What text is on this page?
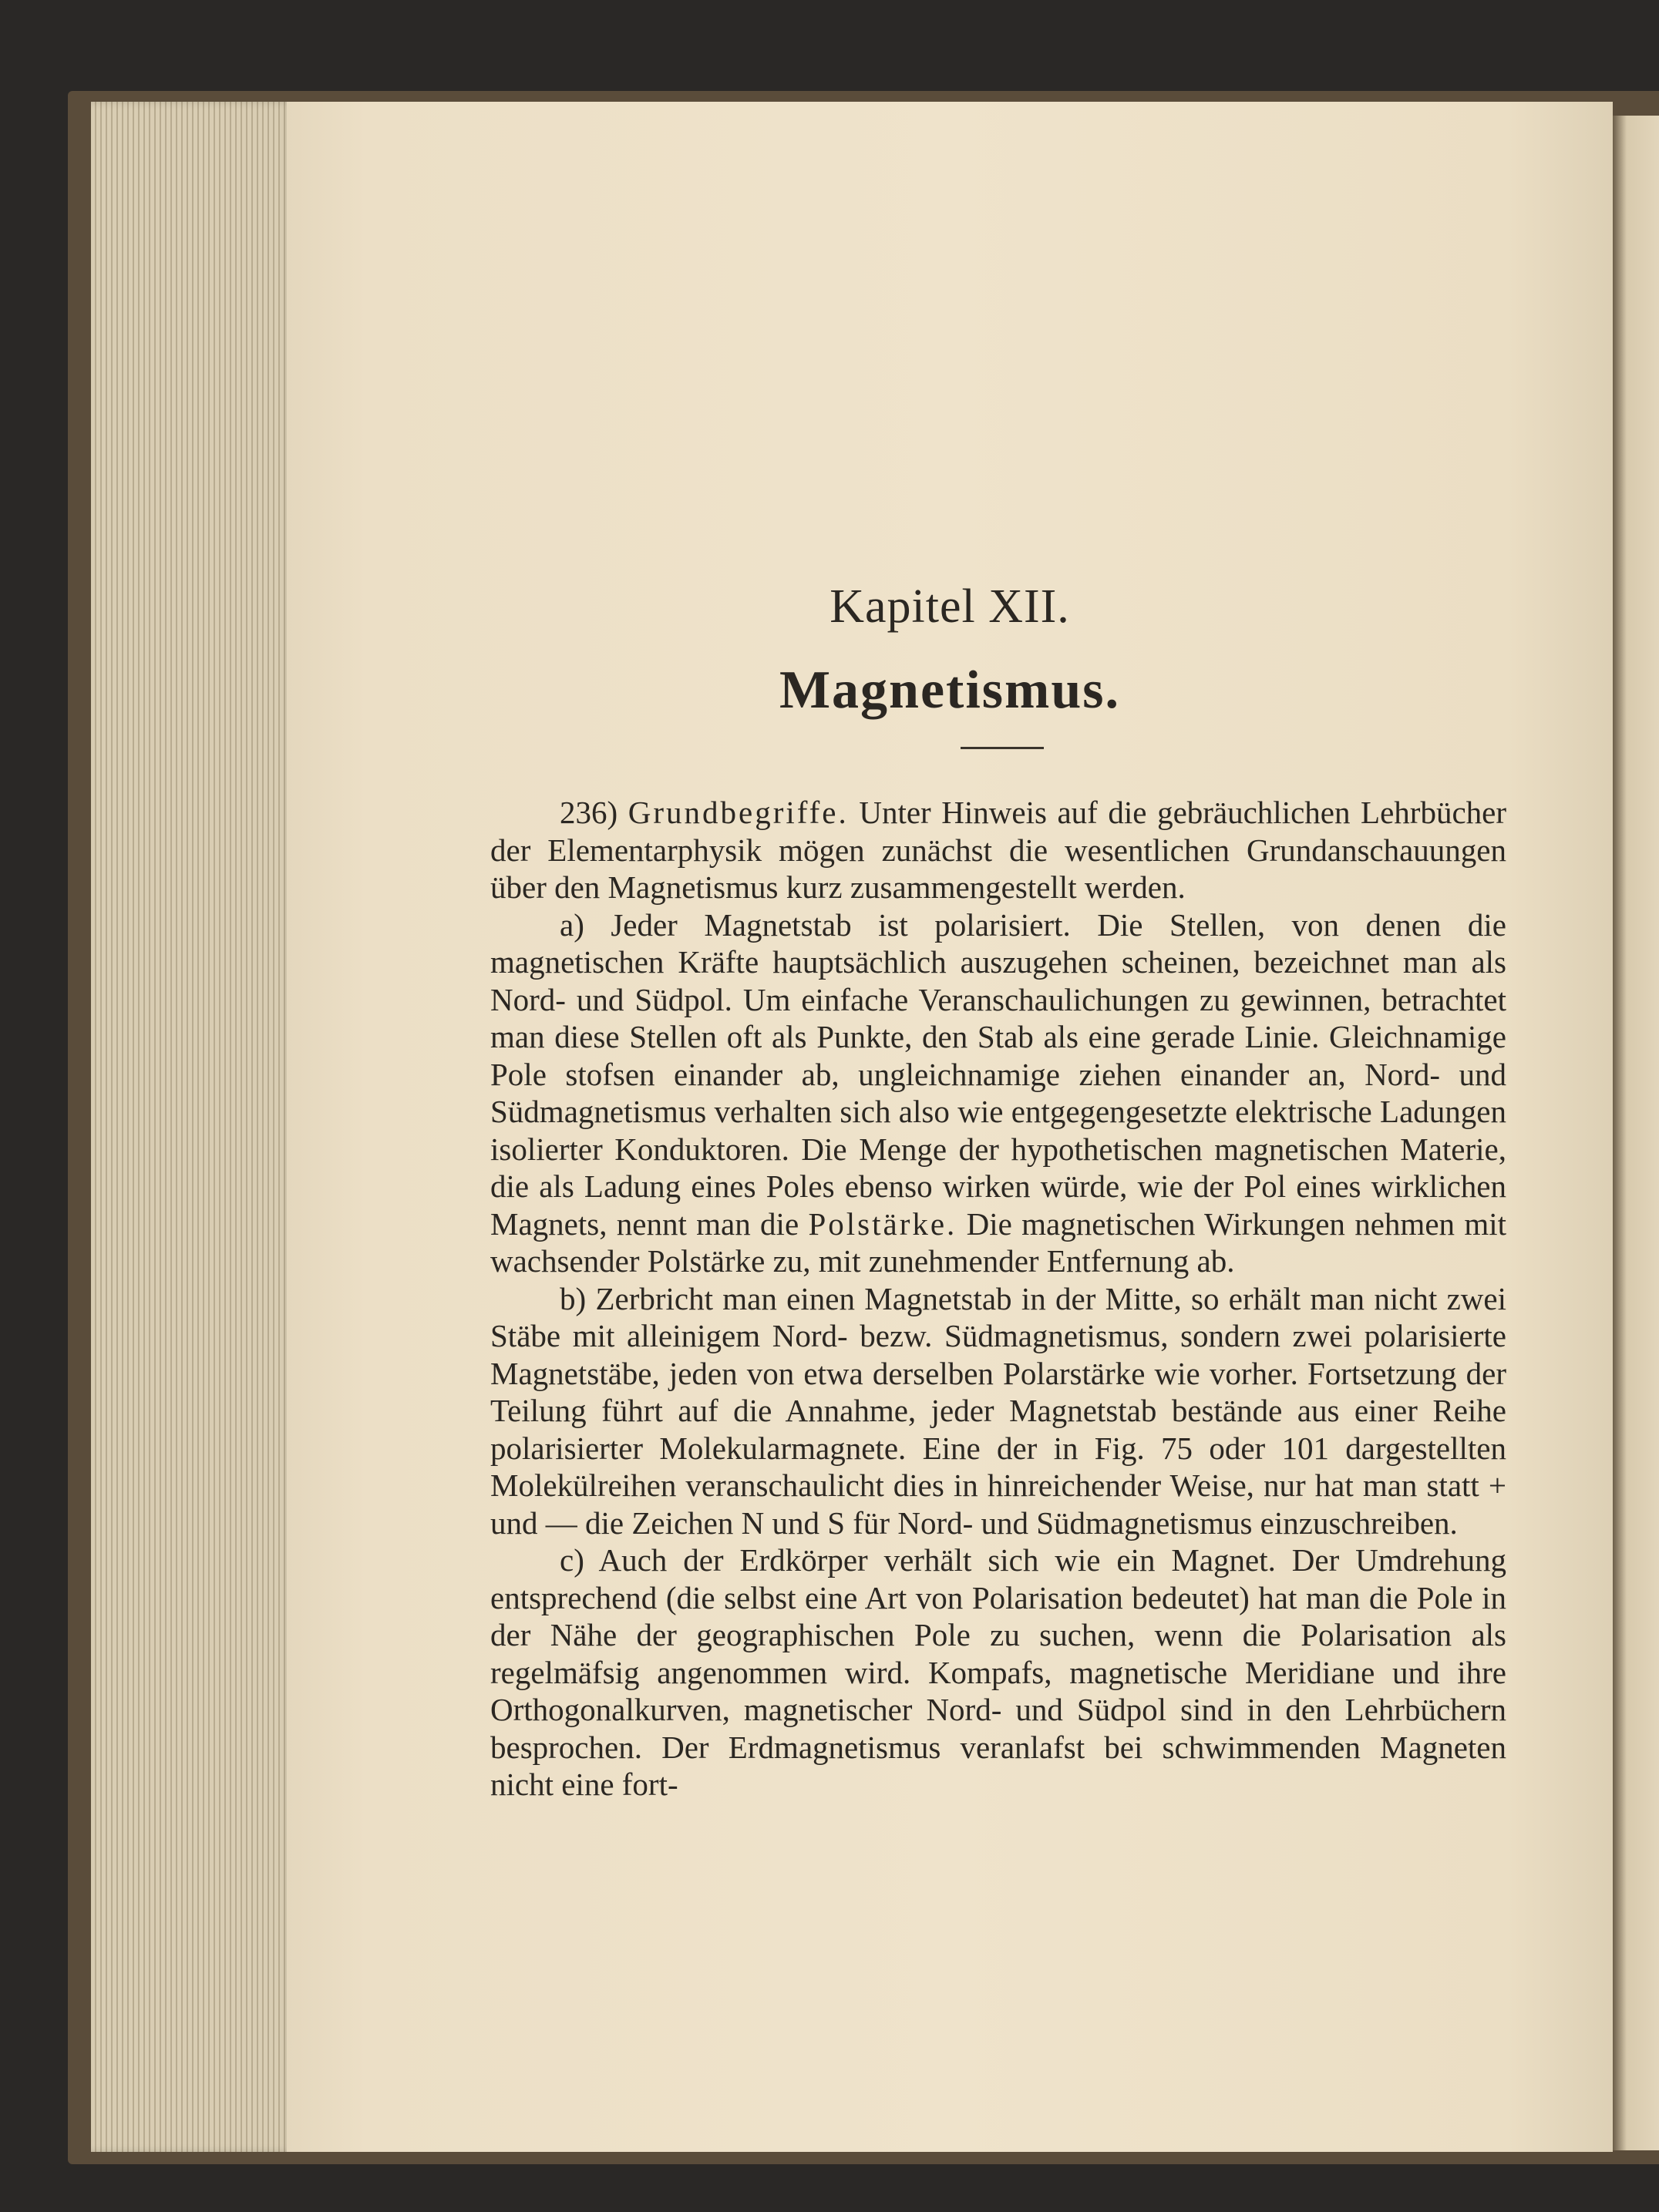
Kapitel XII.
Magnetismus.

236) Grundbegriffe. Unter Hinweis auf die gebräuchlichen Lehrbücher der Elementarphysik mögen zunächst die wesentlichen Grundanschauungen über den Magnetismus kurz zusammengestellt werden.

a) Jeder Magnetstab ist polarisiert. Die Stellen, von denen die magnetischen Kräfte hauptsächlich auszugehen scheinen, bezeichnet man als Nord- und Südpol. Um einfache Veranschaulichungen zu gewinnen, betrachtet man diese Stellen oft als Punkte, den Stab als eine gerade Linie. Gleichnamige Pole stofsen einander ab, ungleichnamige ziehen einander an, Nord- und Südmagnetismus verhalten sich also wie entgegengesetzte elektrische Ladungen isolierter Konduktoren. Die Menge der hypothetischen magnetischen Materie, die als Ladung eines Poles ebenso wirken würde, wie der Pol eines wirklichen Magnets, nennt man die Polstärke. Die magnetischen Wirkungen nehmen mit wachsender Polstärke zu, mit zunehmender Entfernung ab.

b) Zerbricht man einen Magnetstab in der Mitte, so erhält man nicht zwei Stäbe mit alleinigem Nord- bezw. Südmagnetismus, sondern zwei polarisierte Magnetstäbe, jeden von etwa derselben Polarstärke wie vorher. Fortsetzung der Teilung führt auf die Annahme, jeder Magnetstab bestände aus einer Reihe polarisierter Molekularmagnete. Eine der in Fig. 75 oder 101 dargestellten Molekülreihen veranschaulicht dies in hinreichender Weise, nur hat man statt + und — die Zeichen N und S für Nord- und Südmagnetismus einzuschreiben.

c) Auch der Erdkörper verhält sich wie ein Magnet. Der Umdrehung entsprechend (die selbst eine Art von Polarisation bedeutet) hat man die Pole in der Nähe der geographischen Pole zu suchen, wenn die Polarisation als regelmäfsig angenommen wird. Kompafs, magnetische Meridiane und ihre Orthogonalkurven, magnetischer Nord- und Südpol sind in den Lehrbüchern besprochen. Der Erdmagnetismus veranlafst bei schwimmenden Magneten nicht eine fort-
